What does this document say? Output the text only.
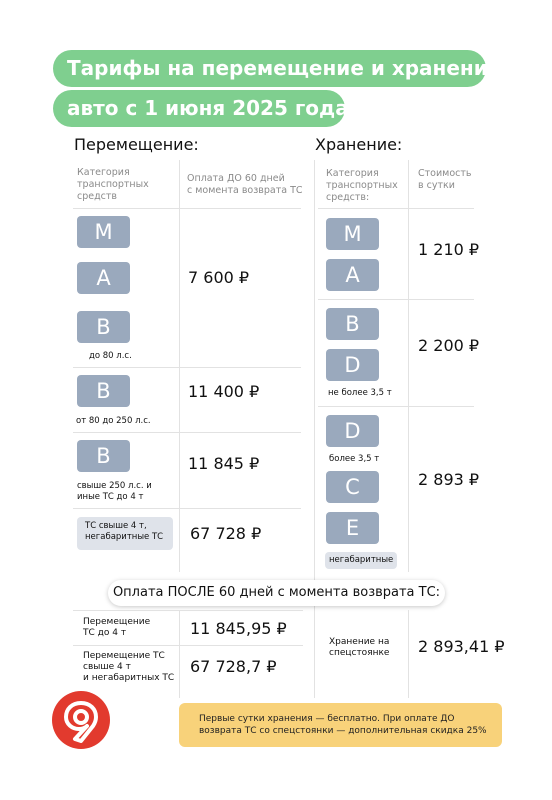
Тарифы на перемещение и хранение
авто с 1 июня 2025 года
Перемещение:
Категория
транспортных
средств
Оплата ДО 60 дней
с момента возврата ТС
M
A
B
до 80 л.с.
7 600 ₽
B
от 80 до 250 л.с.
11 400 ₽
B
свыше 250 л.с. и
иные ТС до 4 т
11 845 ₽
ТС свыше 4 т,
негабаритные ТС	67 728 ₽
Хранение:
Категория
транспортных
средств:
Стоимость
в сутки
M
A
1 210 ₽
B
D
не более 3,5 т
2 200 ₽
D
более 3,5 т
C
E
негабаритные
2 893 ₽
Оплата ПОСЛЕ 60 дней с момента возврата ТС:
Перемещение
ТС до 4 т	11 845,95 ₽
Перемещение ТС
свыше 4 т
и негабаритных ТС
67 728,7 ₽
Хранение на
спецстоянке 2 893,41 ₽
Первые сутки хранения — бесплатно. При оплате ДО
возврата ТС со спецстоянки — дополнительная скидка 25%
